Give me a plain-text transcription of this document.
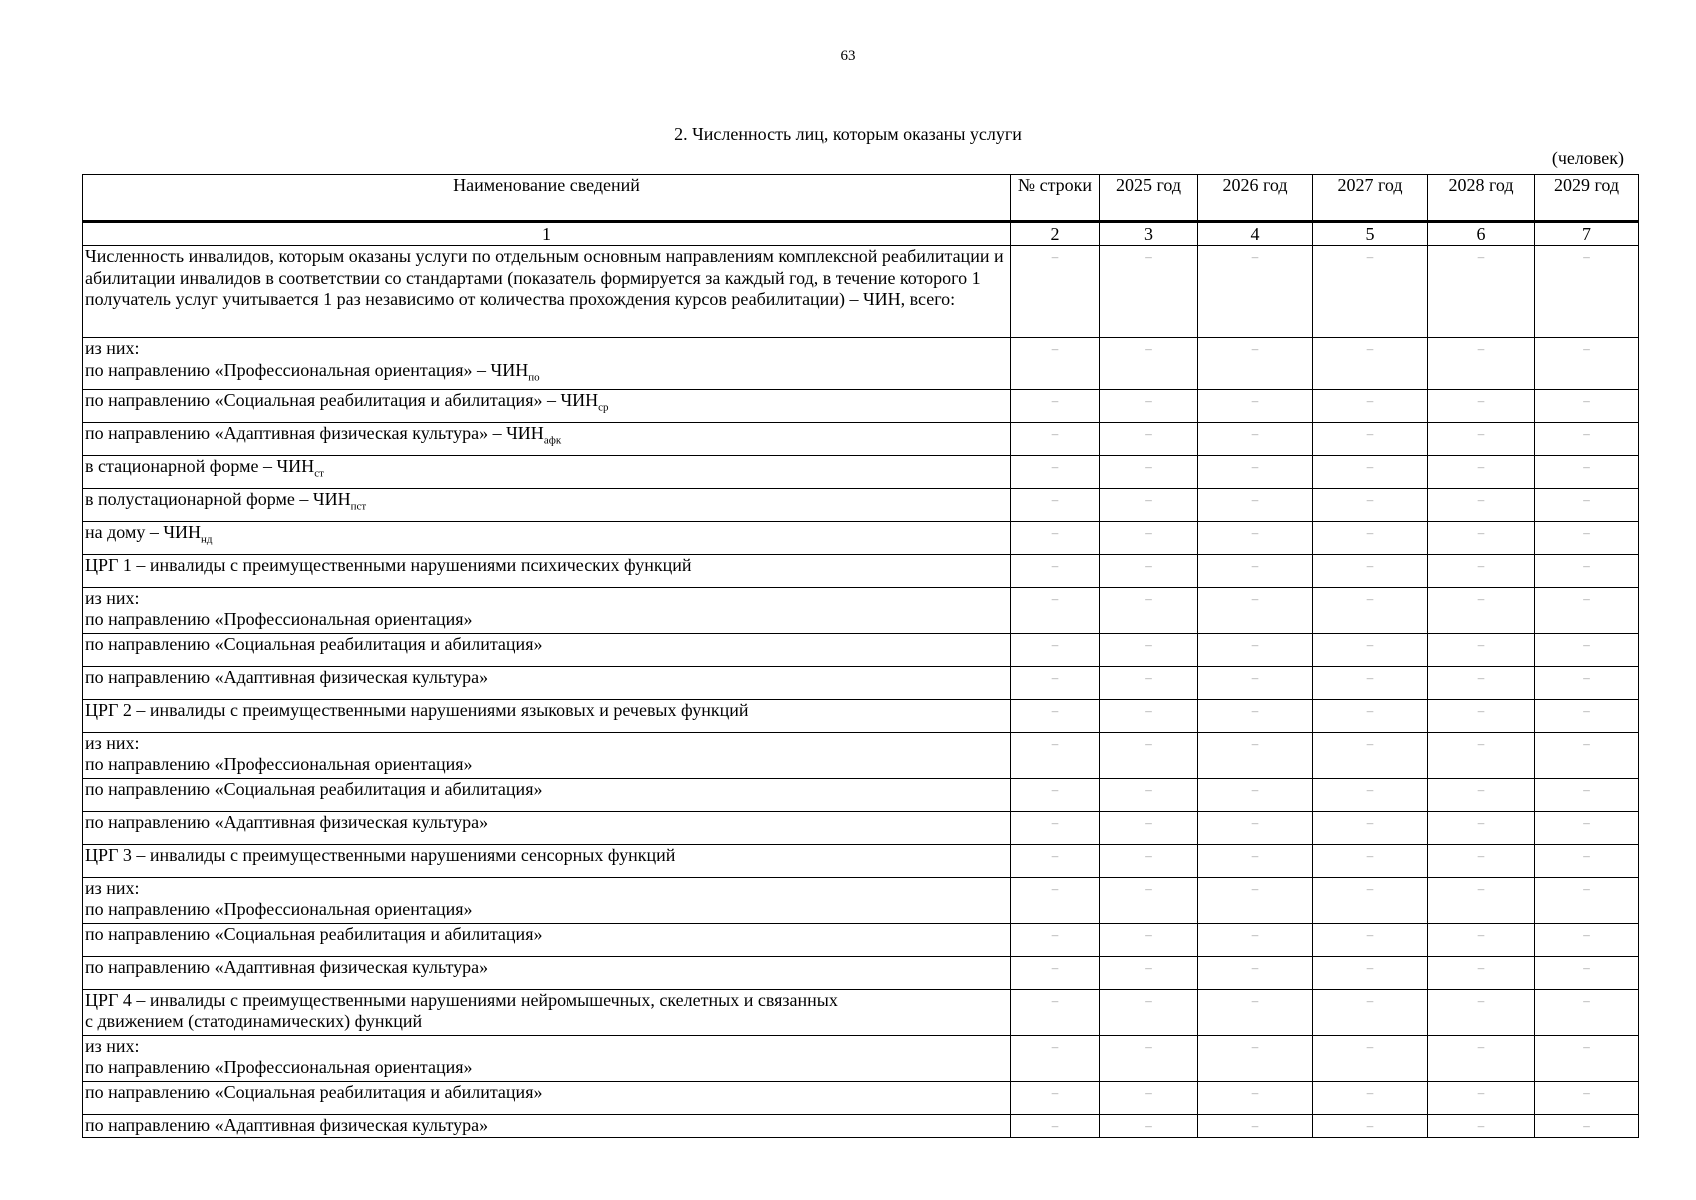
63
2. Численность лиц, которым оказаны услуги
(человек)
Наименование сведений	№ строки	2025 год	2026 год	2027 год	2028 год	2029 год
1	2	3	4	5	6	7
Численность инвалидов, которым оказаны услуги по отдельным основным направлениям комплексной реабилитации и абилитации инвалидов в соответствии со стандартами (показатель формируется за каждый год, в течение которого 1 получатель услуг учитывается 1 раз независимо от количества прохождения курсов реабилитации) – ЧИН, всего:	–	–	–	–	–	–
из них:
по направлению «Профессиональная ориентация» – $ЧИН_{по}$	–	–	–	–	–	–
по направлению «Социальная реабилитация и абилитация» – $ЧИН_{ср}$	–	–	–	–	–	–
по направлению «Адаптивная физическая культура» – $ЧИН_{афк}$	–	–	–	–	–	–
в стационарной форме – $ЧИН_{ст}$	–	–	–	–	–	–
в полустационарной форме – $ЧИН_{пст}$	–	–	–	–	–	–
на дому – $ЧИН_{нд}$	–	–	–	–	–	–
ЦРГ 1 – инвалиды с преимущественными нарушениями психических функций	–	–	–	–	–	–
из них:
по направлению «Профессиональная ориентация»	–	–	–	–	–	–
по направлению «Социальная реабилитация и абилитация»	–	–	–	–	–	–
по направлению «Адаптивная физическая культура»	–	–	–	–	–	–
ЦРГ 2 – инвалиды с преимущественными нарушениями языковых и речевых функций	–	–	–	–	–	–
из них:
по направлению «Профессиональная ориентация»	–	–	–	–	–	–
по направлению «Социальная реабилитация и абилитация»	–	–	–	–	–	–
по направлению «Адаптивная физическая культура»	–	–	–	–	–	–
ЦРГ 3 – инвалиды с преимущественными нарушениями сенсорных функций	–	–	–	–	–	–
из них:
по направлению «Профессиональная ориентация»	–	–	–	–	–	–
по направлению «Социальная реабилитация и абилитация»	–	–	–	–	–	–
по направлению «Адаптивная физическая культура»	–	–	–	–	–	–
ЦРГ 4 – инвалиды с преимущественными нарушениями нейромышечных, скелетных и связанных
с движением (статодинамических) функций	–	–	–	–	–	–
из них:
по направлению «Профессиональная ориентация»	–	–	–	–	–	–
по направлению «Социальная реабилитация и абилитация»	–	–	–	–	–	–
по направлению «Адаптивная физическая культура»	–	–	–	–	–	–
